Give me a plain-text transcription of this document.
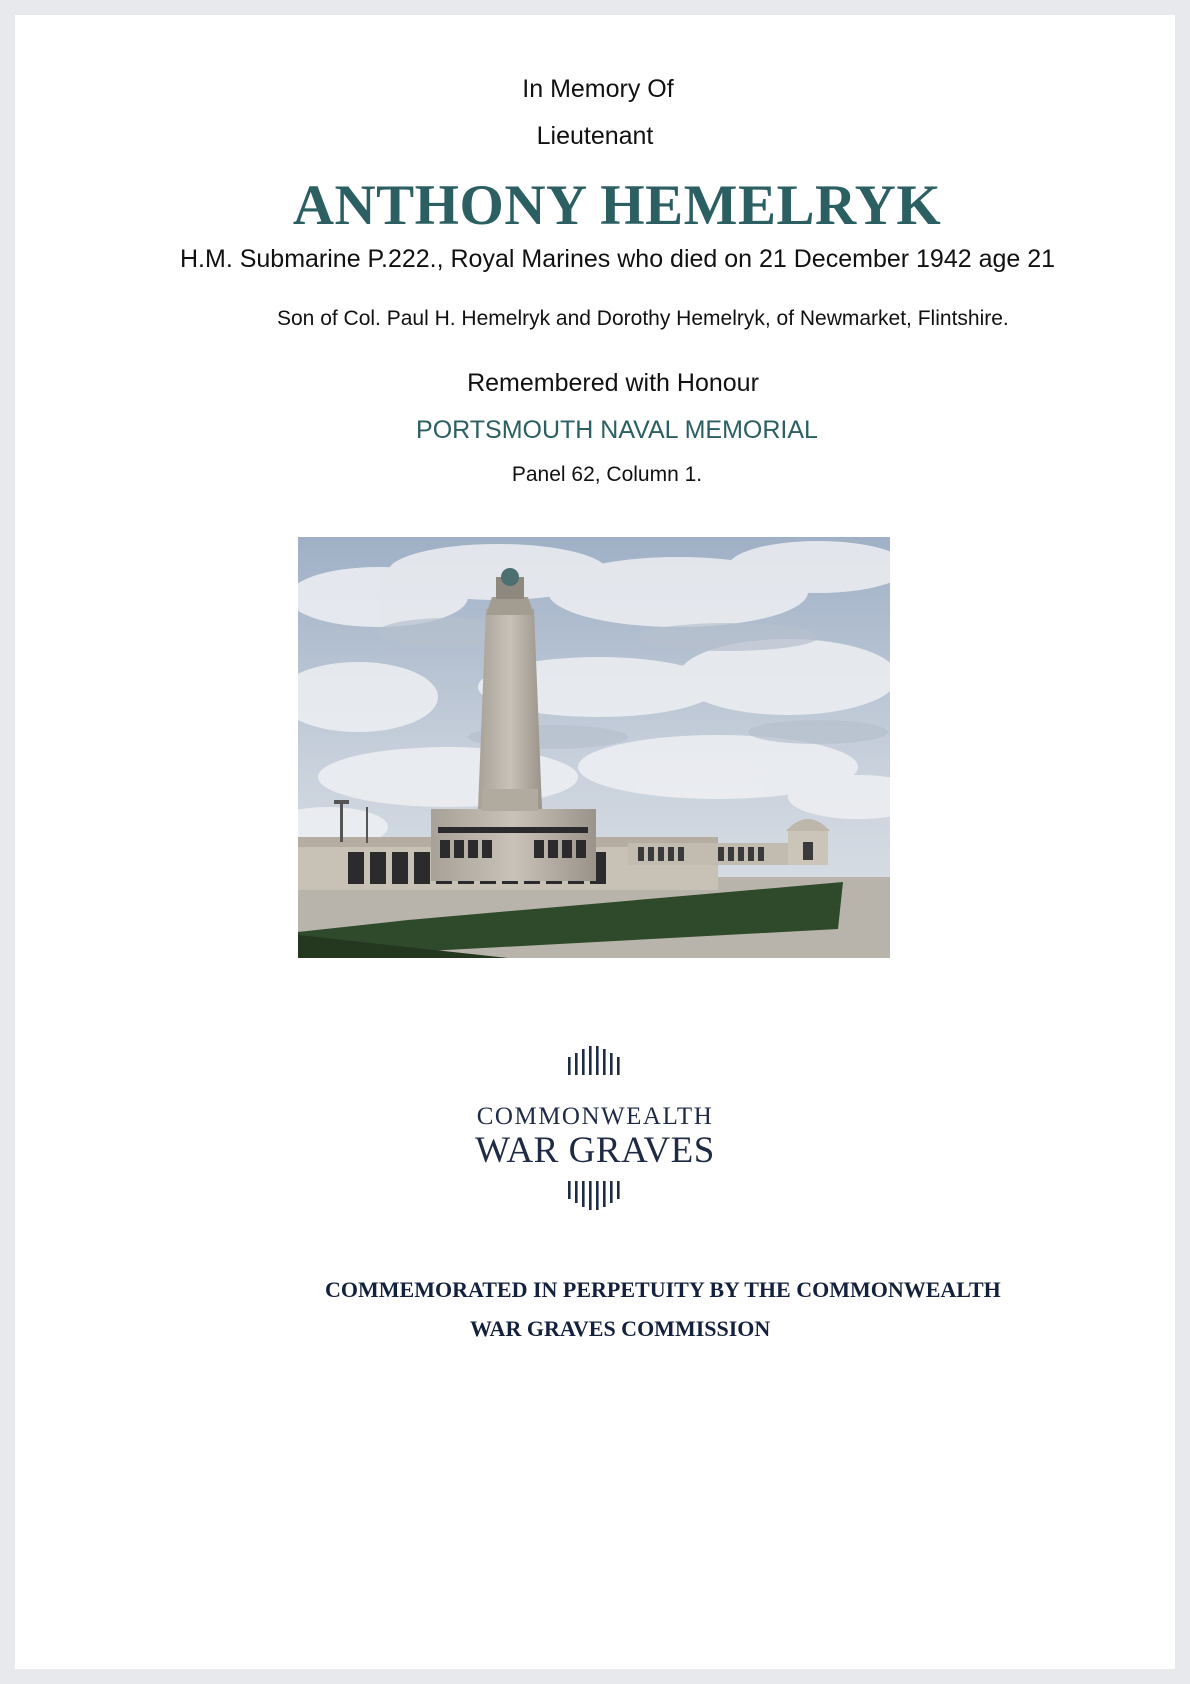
In Memory Of
Lieutenant
ANTHONY HEMELRYK
H.M. Submarine P.222., Royal Marines who died on 21 December 1942 age 21
Son of Col. Paul H. Hemelryk and Dorothy Hemelryk, of Newmarket, Flintshire.
Remembered with Honour
PORTSMOUTH NAVAL MEMORIAL
Panel 62, Column 1.
COMMONWEALTH
WAR GRAVES
COMMEMORATED IN PERPETUITY BY THE COMMONWEALTH
WAR GRAVES COMMISSION
